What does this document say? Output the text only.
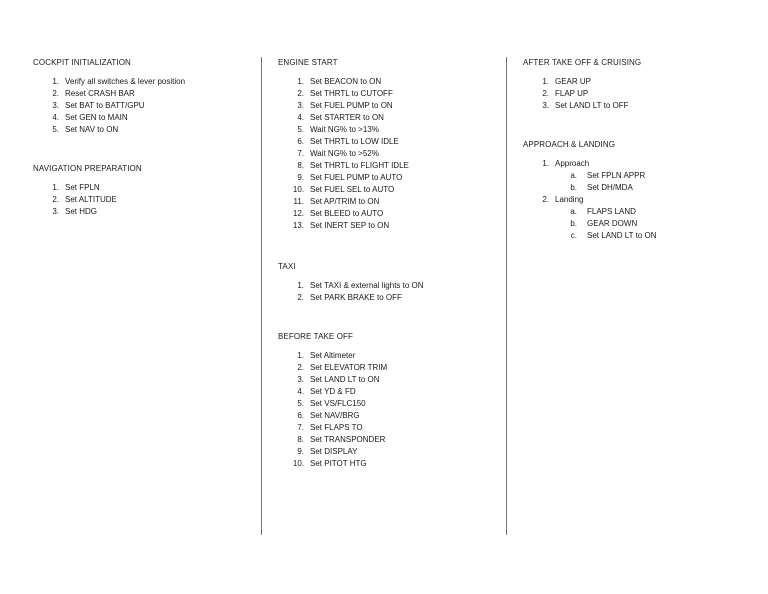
COCKPIT INITIALIZATION
1. Verify all switches & lever position
2. Reset CRASH BAR
3. Set BAT to BATT/GPU
4. Set GEN to MAIN
5. Set NAV to ON
NAVIGATION PREPARATION
1. Set FPLN
2. Set ALTITUDE
3. Set HDG
ENGINE START
1. Set BEACON to ON
2. Set THRTL to CUTOFF
3. Set FUEL PUMP to ON
4. Set STARTER to ON
5. Wait NG% to >13%
6. Set THRTL to LOW IDLE
7. Wait NG% to >52%
8. Set THRTL to FLIGHT IDLE
9. Set FUEL PUMP to AUTO
10. Set FUEL SEL to AUTO
11. Set AP/TRIM to ON
12. Set BLEED to AUTO
13. Set INERT SEP to ON
TAXI
1. Set TAXI & external lights to ON
2. Set PARK BRAKE to OFF
BEFORE TAKE OFF
1. Set Altimeter
2. Set ELEVATOR TRIM
3. Set LAND LT to ON
4. Set YD & FD
5. Set VS/FLC150
6. Set NAV/BRG
7. Set FLAPS TO
8. Set TRANSPONDER
9. Set DISPLAY
10. Set PITOT HTG
AFTER TAKE OFF & CRUISING
1. GEAR UP
2. FLAP UP
3. Set LAND LT to OFF
APPROACH & LANDING
1. Approach
a. Set FPLN APPR
b. Set DH/MDA
2. Landing
a. FLAPS LAND
b. GEAR DOWN
c. Set LAND LT to ON
